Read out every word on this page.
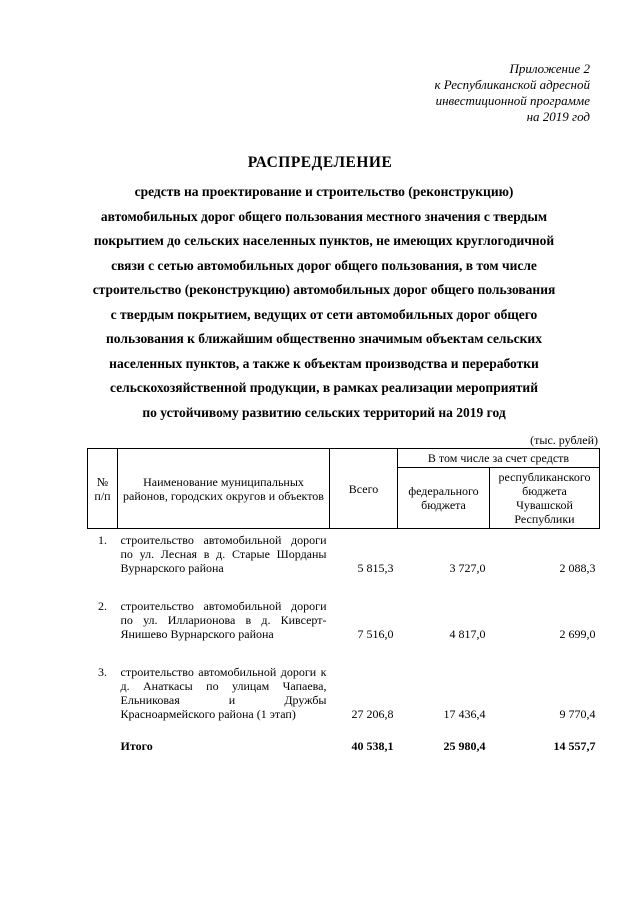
Приложение 2
к Республиканской адресной
инвестиционной программе
на 2019 год
РАСПРЕДЕЛЕНИЕ
средств на проектирование и строительство (реконструкцию)
автомобильных дорог общего пользования местного значения с твердым
покрытием до сельских населенных пунктов, не имеющих круглогодичной
связи с сетью автомобильных дорог общего пользования, в том числе
строительство (реконструкцию) автомобильных дорог общего пользования
с твердым покрытием, ведущих от сети автомобильных дорог общего
пользования к ближайшим общественно значимым объектам сельских
населенных пунктов, а также к объектам производства и переработки
сельскохозяйственной продукции, в рамках реализации мероприятий
по устойчивому развитию сельских территорий на 2019 год
(тыс. рублей)
№ п/п	Наименование муниципальных районов, городских округов и объектов	Всего	В том числе за счет средств	
			федерального бюджета	республиканского бюджета Чувашской Республики
1.	строительство автомобильной дороги по ул. Лесная в д. Старые Шорданы Вурнарского района	5 815,3	3 727,0	2 088,3
2.	строительство автомобильной дороги по ул. Илларионова в д. Кивсерт-Янишево Вурнарского района	7 516,0	4 817,0	2 699,0
3.	строительство автомобильной дороги к д. Анаткасы по улицам Чапаева, Ельниковая и Дружбы Красноармейского района (1 этап)	27 206,8	17 436,4	9 770,4
	Итого	40 538,1	25 980,4	14 557,7
